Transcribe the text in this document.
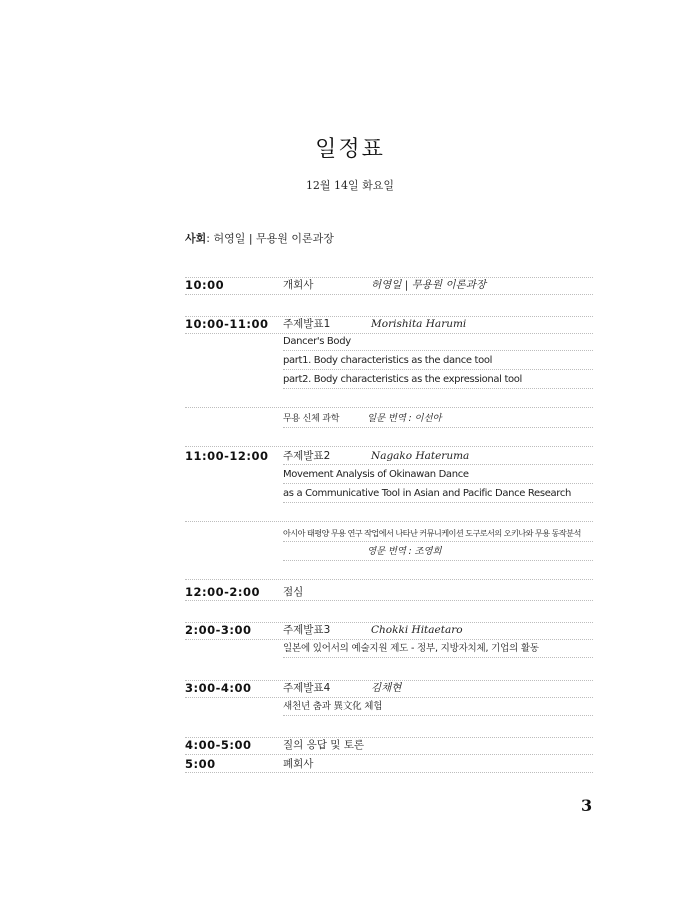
일정표
12월 14일 화요일
사회: 허영일 | 무용원 이론과장
10:00	개회사	허영일 | 무용원 이론과장
10:00-11:00 주제발표1	Morishita Harumi
Dancer's Body
part1. Body characteristics as the dance tool
part2. Body characteristics as the expressional tool
무용 신체 과학	일문 번역 : 이선아
11:00-12:00 주제발표2	Nagako Hateruma
Movement Analysis of Okinawan Dance
as a Communicative Tool in Asian and Pacific Dance Research
아시아 태평양 무용 연구 작업에서 나타난 커뮤니케이션 도구로서의 오키나와 무용 동작분석
영문 번역 : 조영희
12:00-2:00 점심
2:00-3:00	주제발표3	Chokki Hitaetaro
일본에 있어서의 예술지원 제도 - 정부, 지방자치체, 기업의 활동
3:00-4:00	주제발표4	김채현
새천년 춤과 異文化 체험
4:00-5:00	질의 응답 및 토론
5:00	폐회사
3
